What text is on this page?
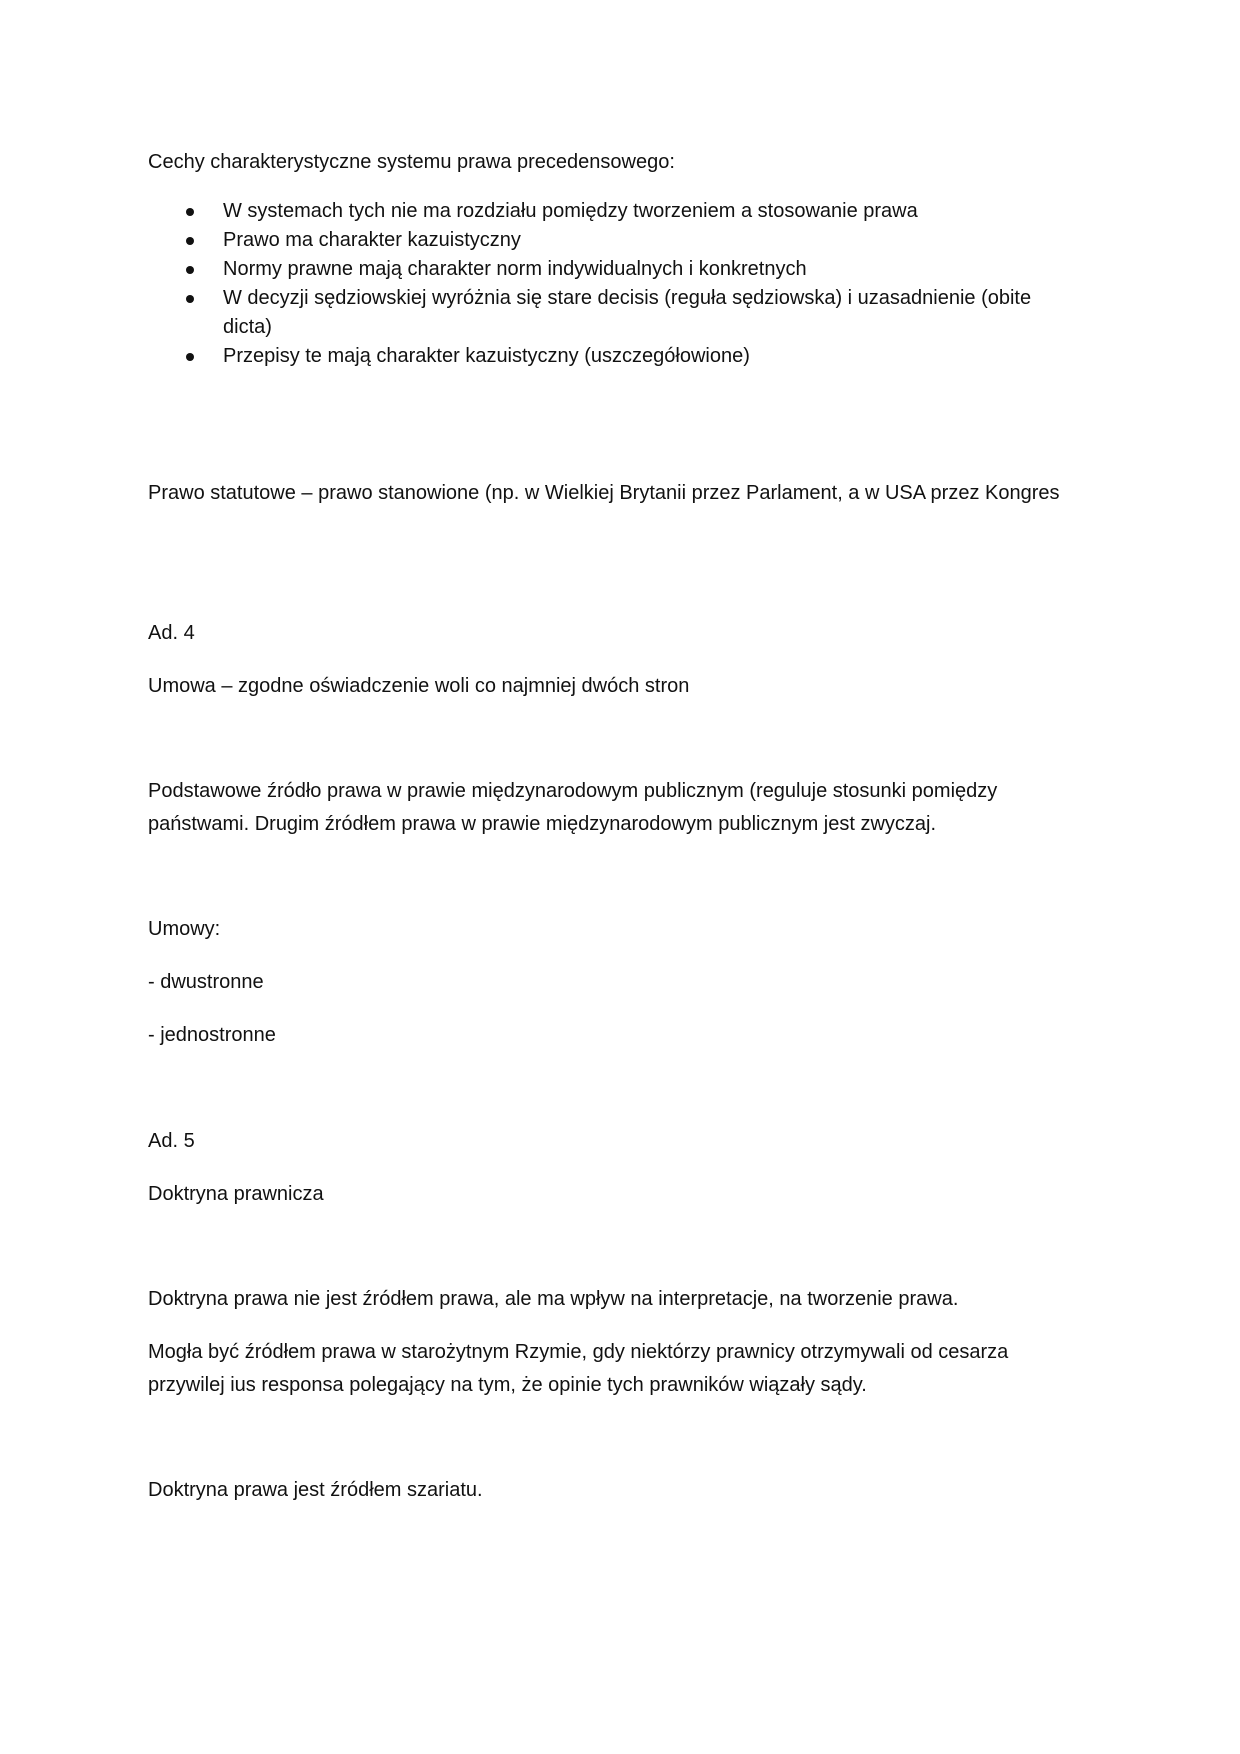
Cechy charakterystyczne systemu prawa precedensowego:

W systemach tych nie ma rozdziału pomiędzy tworzeniem a stosowanie prawa
Prawo ma charakter kazuistyczny
Normy prawne mają charakter norm indywidualnych i konkretnych
W decyzji sędziowskiej wyróżnia się stare decisis (reguła sędziowska) i uzasadnienie (obite dicta)
Przepisy te mają charakter kazuistyczny (uszczegółowione)

Prawo statutowe – prawo stanowione (np. w Wielkiej Brytanii przez Parlament, a w USA przez Kongres

Ad. 4

Umowa – zgodne oświadczenie woli co najmniej dwóch stron

Podstawowe źródło prawa w prawie międzynarodowym publicznym (reguluje stosunki pomiędzy państwami. Drugim źródłem prawa w prawie międzynarodowym publicznym jest zwyczaj.

Umowy:

- dwustronne

- jednostronne

Ad. 5

Doktryna prawnicza

Doktryna prawa nie jest źródłem prawa, ale ma wpływ na interpretacje, na tworzenie prawa.

Mogła być źródłem prawa w starożytnym Rzymie, gdy niektórzy prawnicy otrzymywali od cesarza przywilej ius responsa polegający na tym, że opinie tych prawników wiązały sądy.

Doktryna prawa jest źródłem szariatu.
